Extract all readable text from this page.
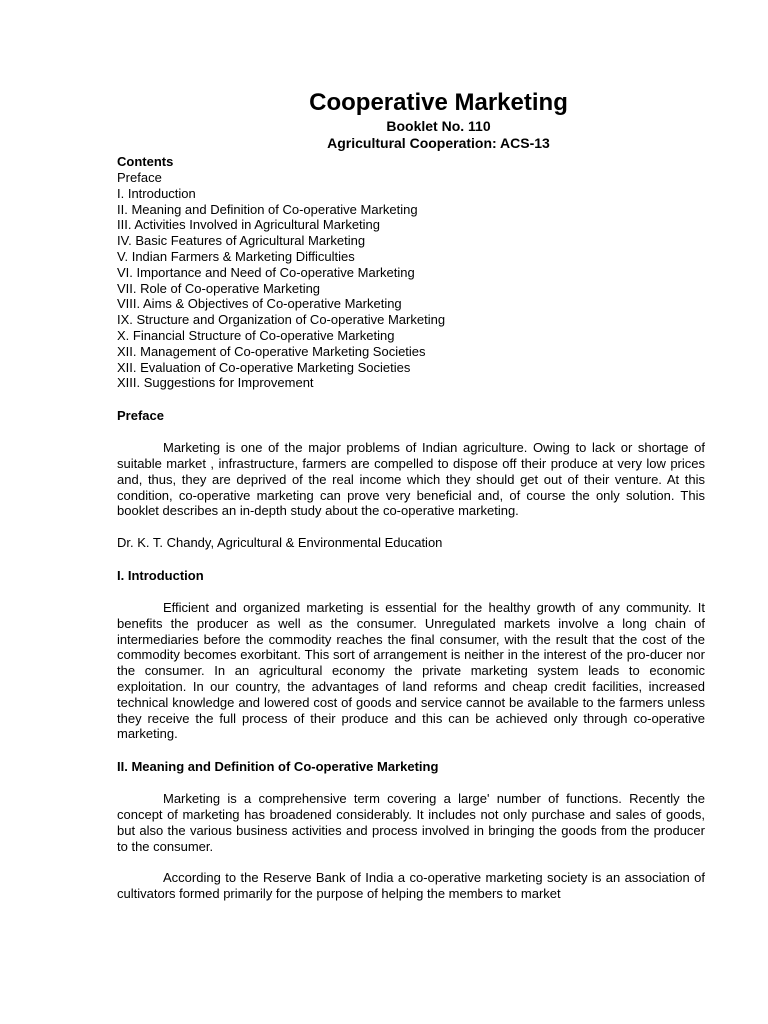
Cooperative Marketing
Booklet No. 110
Agricultural Cooperation: ACS-13
Contents
Preface
I. Introduction
II. Meaning and Definition of Co-operative Marketing
III. Activities Involved in Agricultural Marketing
IV. Basic Features of Agricultural Marketing
V. Indian Farmers & Marketing Difficulties
VI. Importance and Need of Co-operative Marketing
VII. Role of Co-operative Marketing
VIII. Aims & Objectives of Co-operative Marketing
IX. Structure and Organization of Co-operative Marketing
X. Financial Structure of Co-operative Marketing
XII. Management of Co-operative Marketing Societies
XII. Evaluation of Co-operative Marketing Societies
XIII. Suggestions for Improvement
Preface

Marketing is one of the major problems of Indian agriculture. Owing to lack or shortage of suitable market , infrastructure, farmers are compelled to dispose off their produce at very low prices and, thus, they are deprived of the real income which they should get out of their venture. At this condition, co-operative marketing can prove very beneficial and, of course the only solution. This booklet describes an in-depth study about the co-operative marketing.

Dr. K. T. Chandy, Agricultural & Environmental Education

I. Introduction

Efficient and organized marketing is essential for the healthy growth of any community. It benefits the producer as well as the consumer. Unregulated markets involve a long chain of intermediaries before the commodity reaches the final consumer, with the result that the cost of the commodity becomes exorbitant. This sort of arrangement is neither in the interest of the pro-ducer nor the consumer. In an agricultural economy the private marketing system leads to economic exploitation. In our country, the advantages of land reforms and cheap credit facilities, increased technical knowledge and lowered cost of goods and service cannot be available to the farmers unless they receive the full process of their produce and this can be achieved only through co-operative marketing.

II. Meaning and Definition of Co-operative Marketing

Marketing is a comprehensive term covering a large' number of functions. Recently the concept of marketing has broadened considerably. It includes not only purchase and sales of goods, but also the various business activities and process involved in bringing the goods from the producer to the consumer.

According to the Reserve Bank of India a co-operative marketing society is an association of cultivators formed primarily for the purpose of helping the members to market
